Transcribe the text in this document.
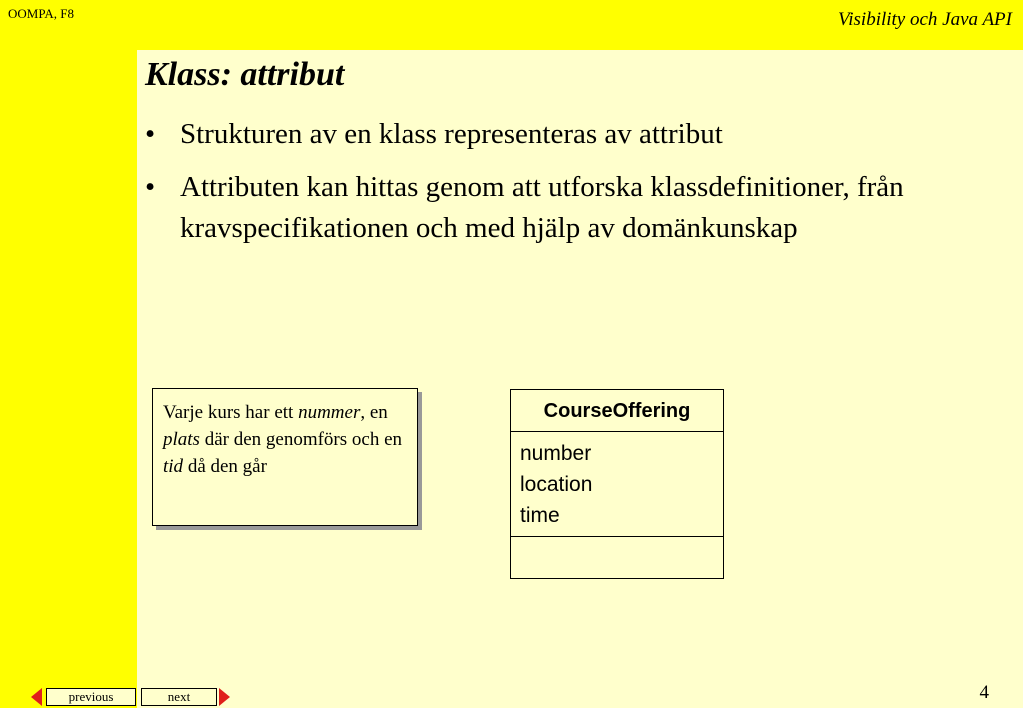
OOMPA, F8	Visibility och Java API
Klass: attribut
• Strukturen av en klass representeras av attribut
• Attributen kan hittas genom att utforska klassdefinitioner, från kravspecifikationen och med hjälp av domänkunskap
Varje kurs har ett nummer, en plats där den genomförs och en tid då den går
CourseOffering
number
location
time
previous	next	4
